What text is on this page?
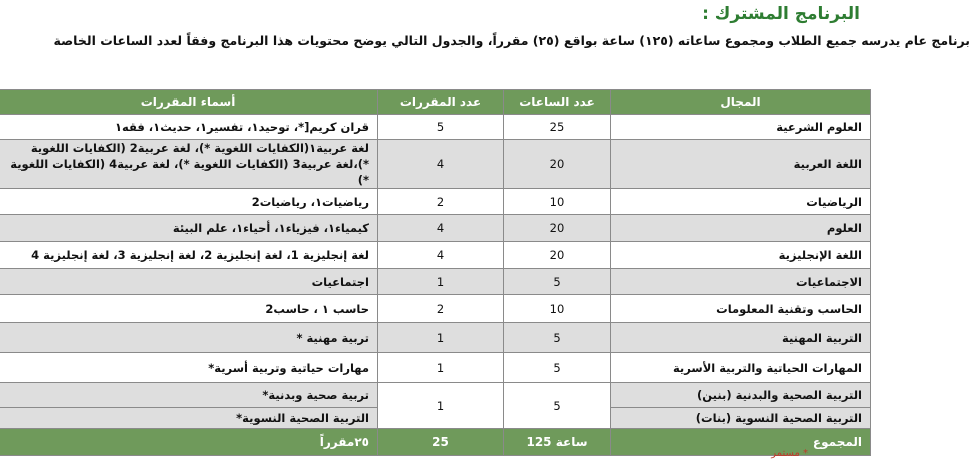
البرنامج المشترك :
برنامج عام يدرسه جميع الطلاب ومجموع ساعاته (١٢٥) ساعة بواقع (٢٥) مقرراً، والجدول التالي يوضح محتويات هذا البرنامج وفقاً لعدد الساعات الخاصة
المجال	عدد الساعات	عدد المقررات	أسماء المقررات
العلوم الشرعية	25	5	قران كريم[*، توحيد١، تفسير١، حديث١، فقه١
اللغة العربية	20	4	لغة عربية١(الكفايات اللغوية *)، لغة عربية2 (الكفايات اللغوية *)،لغة عربية3 (الكفايات اللغوية *)، لغة عربية4 (الكفايات اللغوية *)
الرياضيات	10	2	رياضيات١، رياضيات2
العلوم	20	4	كيمياء١، فيزياء١، أحياء١، علم البيئة
اللغة الإنجليزية	20	4	لغة إنجليزية 1، لغة إنجليزية 2، لغة إنجليزية 3، لغة إنجليزية 4
الاجتماعيات	5	1	اجتماعيات
الحاسب وتقنية المعلومات	10	2	حاسب ١ ، حاسب2
التربية المهنية	5	1	تربية مهنية *
المهارات الحياتية والتربية الأسرية	5	1	مهارات حياتية وتربية أسرية*
التربية الصحية والبدنية (بنين)	5	1	تربية صحية وبدنية*
التربية الصحية النسوية (بنات)			التربية الصحية النسوية*
المجموع	125 ساعة	25	٢٥مقرراً
* مستمر
